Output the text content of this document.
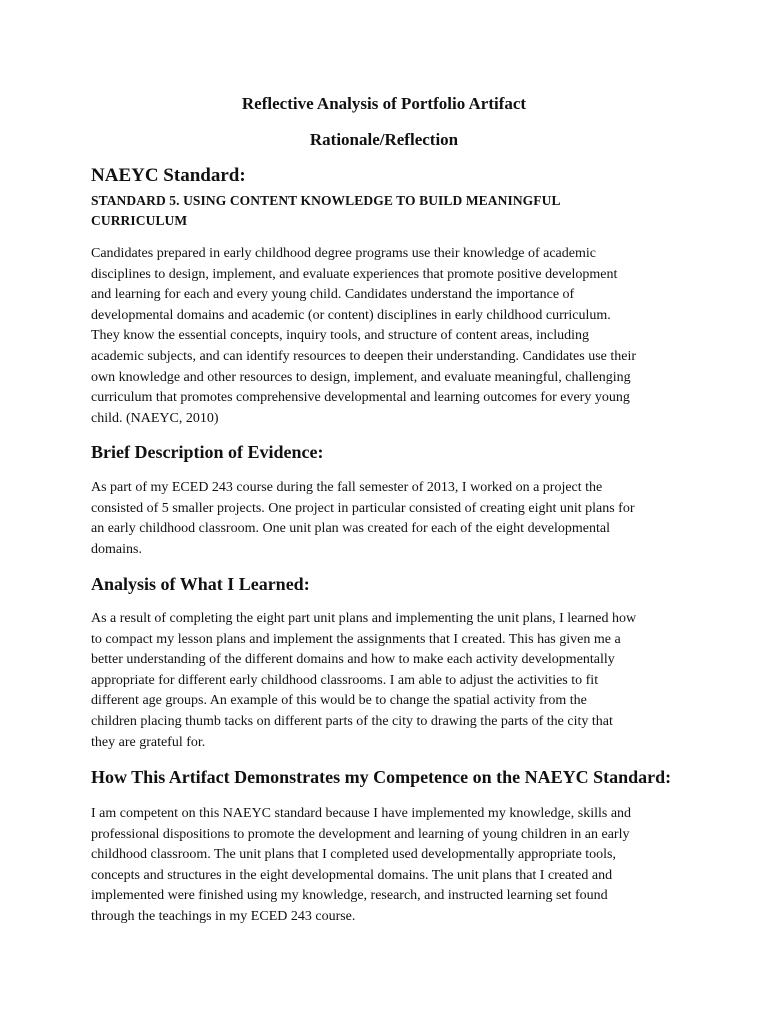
Reflective Analysis of Portfolio Artifact
Rationale/Reflection
NAEYC Standard:
STANDARD 5. USING CONTENT KNOWLEDGE TO BUILD MEANINGFUL
CURRICULUM

Candidates prepared in early childhood degree programs use their knowledge of academic

disciplines to design, implement, and evaluate experiences that promote positive development

and learning for each and every young child. Candidates understand the importance of

developmental domains and academic (or content) disciplines in early childhood curriculum.

They know the essential concepts, inquiry tools, and structure of content areas, including

academic subjects, and can identify resources to deepen their understanding. Candidates use their

own knowledge and other resources to design, implement, and evaluate meaningful, challenging

curriculum that promotes comprehensive developmental and learning outcomes for every young

child. (NAEYC, 2010)

Brief Description of Evidence:

As part of my ECED 243 course during the fall semester of 2013, I worked on a project the

consisted of 5 smaller projects. One project in particular consisted of creating eight unit plans for

an early childhood classroom. One unit plan was created for each of the eight developmental

domains.

Analysis of What I Learned:

As a result of completing the eight part unit plans and implementing the unit plans, I learned how

to compact my lesson plans and implement the assignments that I created. This has given me a

better understanding of the different domains and how to make each activity developmentally

appropriate for different early childhood classrooms. I am able to adjust the activities to fit

different age groups. An example of this would be to change the spatial activity from the

children placing thumb tacks on different parts of the city to drawing the parts of the city that

they are grateful for.

How This Artifact Demonstrates my Competence on the NAEYC Standard:

I am competent on this NAEYC standard because I have implemented my knowledge, skills and

professional dispositions to promote the development and learning of young children in an early

childhood classroom. The unit plans that I completed used developmentally appropriate tools,

concepts and structures in the eight developmental domains. The unit plans that I created and

implemented were finished using my knowledge, research, and instructed learning set found

through the teachings in my ECED 243 course.
